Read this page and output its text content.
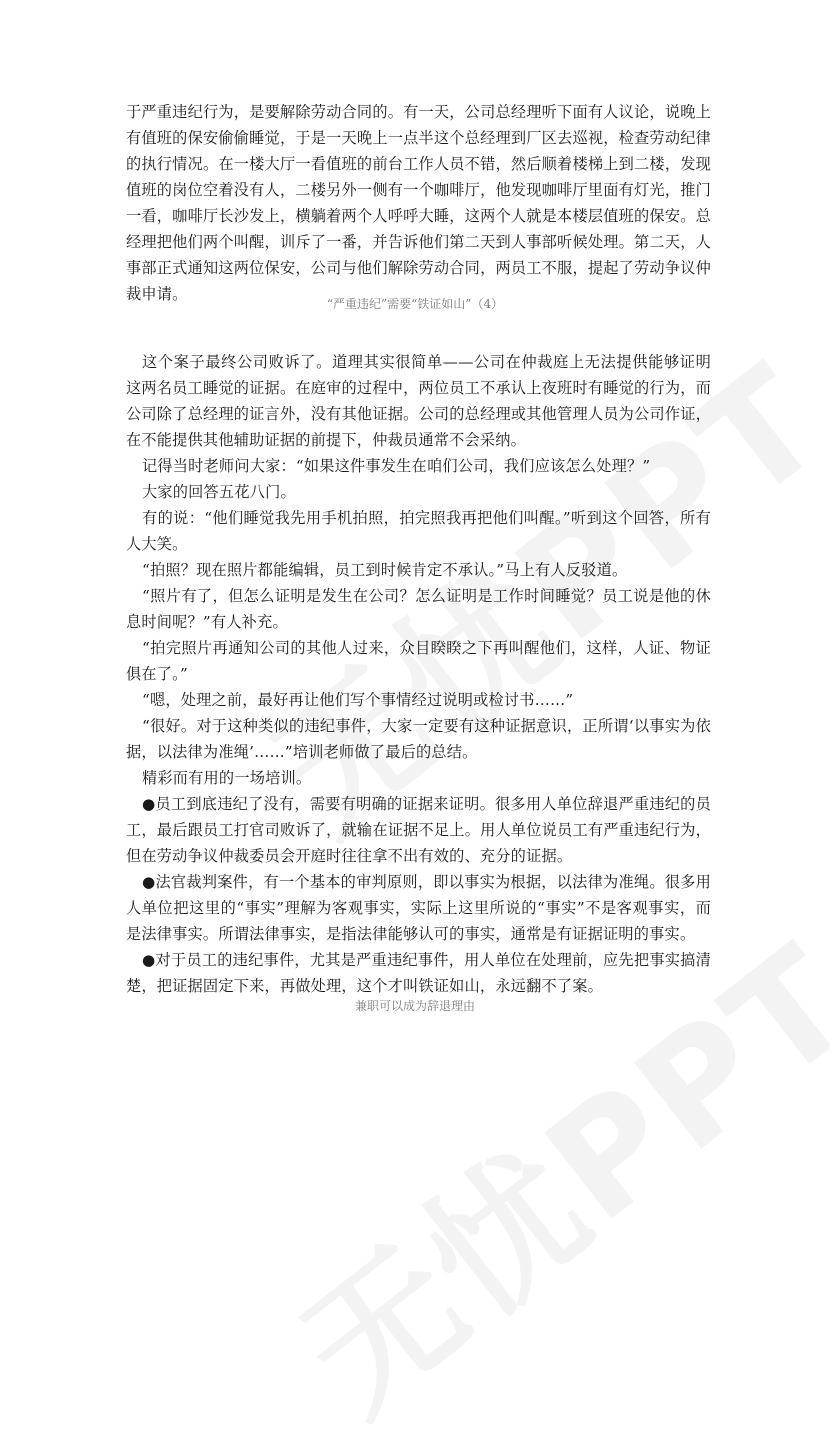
于严重违纪行为，是要解除劳动合同的。有一天，公司总经理听下面有人议论，说晚上有值班的保安偷偷睡觉，于是一天晚上一点半这个总经理到厂区去巡视，检查劳动纪律的执行情况。在一楼大厅一看值班的前台工作人员不错，然后顺着楼梯上到二楼，发现值班的岗位空着没有人，二楼另外一侧有一个咖啡厅，他发现咖啡厅里面有灯光，推门一看，咖啡厅长沙发上，横躺着两个人呼呼大睡，这两个人就是本楼层值班的保安。总经理把他们两个叫醒，训斥了一番，并告诉他们第二天到人事部听候处理。第二天，人事部正式通知这两位保安，公司与他们解除劳动合同，两员工不服，提起了劳动争议仲裁申请。

“严重违纪”需要“铁证如山”（4）

这个案子最终公司败诉了。道理其实很简单——公司在仲裁庭上无法提供能够证明这两名员工睡觉的证据。在庭审的过程中，两位员工不承认上夜班时有睡觉的行为，而公司除了总经理的证言外，没有其他证据。公司的总经理或其他管理人员为公司作证，在不能提供其他辅助证据的前提下，仲裁员通常不会采纳。

记得当时老师问大家：“如果这件事发生在咱们公司，我们应该怎么处理？”

大家的回答五花八门。

有的说：“他们睡觉我先用手机拍照，拍完照我再把他们叫醒。”听到这个回答，所有人大笑。

“拍照？现在照片都能编辑，员工到时候肯定不承认。”马上有人反驳道。

“照片有了，但怎么证明是发生在公司？怎么证明是工作时间睡觉？员工说是他的休息时间呢？”有人补充。

“拍完照片再通知公司的其他人过来，众目睽睽之下再叫醒他们，这样，人证、物证俱在了。”

“嗯，处理之前，最好再让他们写个事情经过说明或检讨书……”

“很好。对于这种类似的违纪事件，大家一定要有这种证据意识，正所谓‘以事实为依据，以法律为准绳’……”培训老师做了最后的总结。

精彩而有用的一场培训。

●员工到底违纪了没有，需要有明确的证据来证明。很多用人单位辞退严重违纪的员工，最后跟员工打官司败诉了，就输在证据不足上。用人单位说员工有严重违纪行为，但在劳动争议仲裁委员会开庭时往往拿不出有效的、充分的证据。

●法官裁判案件，有一个基本的审判原则，即以事实为根据，以法律为准绳。很多用人单位把这里的“事实”理解为客观事实，实际上这里所说的“事实”不是客观事实，而是法律事实。所谓法律事实，是指法律能够认可的事实，通常是有证据证明的事实。

●对于员工的违纪事件，尤其是严重违纪事件，用人单位在处理前，应先把事实搞清楚，把证据固定下来，再做处理，这个才叫铁证如山，永远翻不了案。

兼职可以成为辞退理由
